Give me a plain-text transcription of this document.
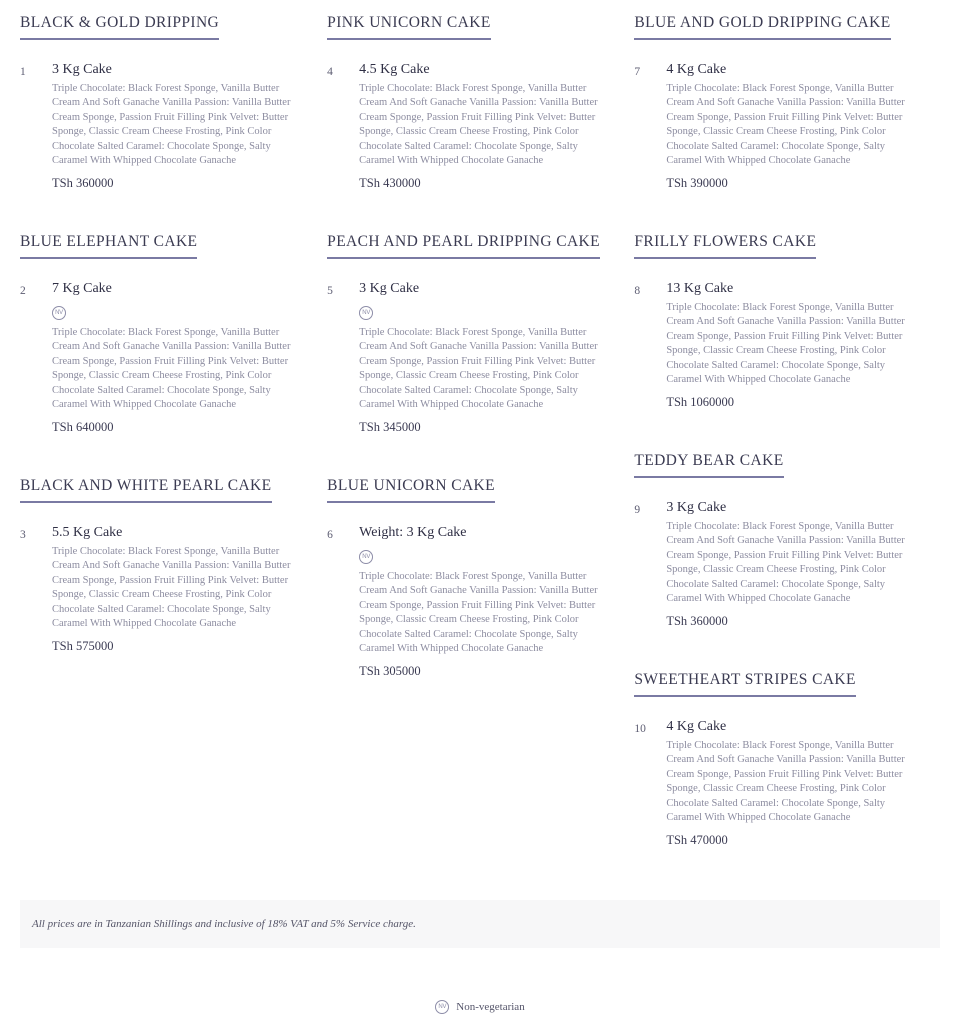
BLACK & GOLD DRIPPING
1	3 Kg Cake
Triple Chocolate: Black Forest Sponge, Vanilla Butter Cream And Soft Ganache Vanilla Passion: Vanilla Butter Cream Sponge, Passion Fruit Filling Pink Velvet: Butter Sponge, Classic Cream Cheese Frosting, Pink Color Chocolate Salted Caramel: Chocolate Sponge, Salty Caramel With Whipped Chocolate Ganache
TSh 360000
BLUE ELEPHANT CAKE
2	7 Kg Cake
NV
Triple Chocolate: Black Forest Sponge, Vanilla Butter Cream And Soft Ganache Vanilla Passion: Vanilla Butter Cream Sponge, Passion Fruit Filling Pink Velvet: Butter Sponge, Classic Cream Cheese Frosting, Pink Color Chocolate Salted Caramel: Chocolate Sponge, Salty Caramel With Whipped Chocolate Ganache
TSh 640000
BLACK AND WHITE PEARL CAKE
3	5.5 Kg Cake
Triple Chocolate: Black Forest Sponge, Vanilla Butter Cream And Soft Ganache Vanilla Passion: Vanilla Butter Cream Sponge, Passion Fruit Filling Pink Velvet: Butter Sponge, Classic Cream Cheese Frosting, Pink Color Chocolate Salted Caramel: Chocolate Sponge, Salty Caramel With Whipped Chocolate Ganache
TSh 575000
PINK UNICORN CAKE
4	4.5 Kg Cake
Triple Chocolate: Black Forest Sponge, Vanilla Butter Cream And Soft Ganache Vanilla Passion: Vanilla Butter Cream Sponge, Passion Fruit Filling Pink Velvet: Butter Sponge, Classic Cream Cheese Frosting, Pink Color Chocolate Salted Caramel: Chocolate Sponge, Salty Caramel With Whipped Chocolate Ganache
TSh 430000
PEACH AND PEARL DRIPPING CAKE
5	3 Kg Cake
NV
Triple Chocolate: Black Forest Sponge, Vanilla Butter Cream And Soft Ganache Vanilla Passion: Vanilla Butter Cream Sponge, Passion Fruit Filling Pink Velvet: Butter Sponge, Classic Cream Cheese Frosting, Pink Color Chocolate Salted Caramel: Chocolate Sponge, Salty Caramel With Whipped Chocolate Ganache
TSh 345000
BLUE UNICORN CAKE
6	Weight: 3 Kg Cake
NV
Triple Chocolate: Black Forest Sponge, Vanilla Butter Cream And Soft Ganache Vanilla Passion: Vanilla Butter Cream Sponge, Passion Fruit Filling Pink Velvet: Butter Sponge, Classic Cream Cheese Frosting, Pink Color Chocolate Salted Caramel: Chocolate Sponge, Salty Caramel With Whipped Chocolate Ganache
TSh 305000
BLUE AND GOLD DRIPPING CAKE
7	4 Kg Cake
Triple Chocolate: Black Forest Sponge, Vanilla Butter Cream And Soft Ganache Vanilla Passion: Vanilla Butter Cream Sponge, Passion Fruit Filling Pink Velvet: Butter Sponge, Classic Cream Cheese Frosting, Pink Color Chocolate Salted Caramel: Chocolate Sponge, Salty Caramel With Whipped Chocolate Ganache
TSh 390000
FRILLY FLOWERS CAKE
8	13 Kg Cake
Triple Chocolate: Black Forest Sponge, Vanilla Butter Cream And Soft Ganache Vanilla Passion: Vanilla Butter Cream Sponge, Passion Fruit Filling Pink Velvet: Butter Sponge, Classic Cream Cheese Frosting, Pink Color Chocolate Salted Caramel: Chocolate Sponge, Salty Caramel With Whipped Chocolate Ganache
TSh 1060000
TEDDY BEAR CAKE
9	3 Kg Cake
Triple Chocolate: Black Forest Sponge, Vanilla Butter Cream And Soft Ganache Vanilla Passion: Vanilla Butter Cream Sponge, Passion Fruit Filling Pink Velvet: Butter Sponge, Classic Cream Cheese Frosting, Pink Color Chocolate Salted Caramel: Chocolate Sponge, Salty Caramel With Whipped Chocolate Ganache
TSh 360000
SWEETHEART STRIPES CAKE
10	4 Kg Cake
Triple Chocolate: Black Forest Sponge, Vanilla Butter Cream And Soft Ganache Vanilla Passion: Vanilla Butter Cream Sponge, Passion Fruit Filling Pink Velvet: Butter Sponge, Classic Cream Cheese Frosting, Pink Color Chocolate Salted Caramel: Chocolate Sponge, Salty Caramel With Whipped Chocolate Ganache
TSh 470000
All prices are in Tanzanian Shillings and inclusive of 18% VAT and 5% Service charge.
NV Non-vegetarian
